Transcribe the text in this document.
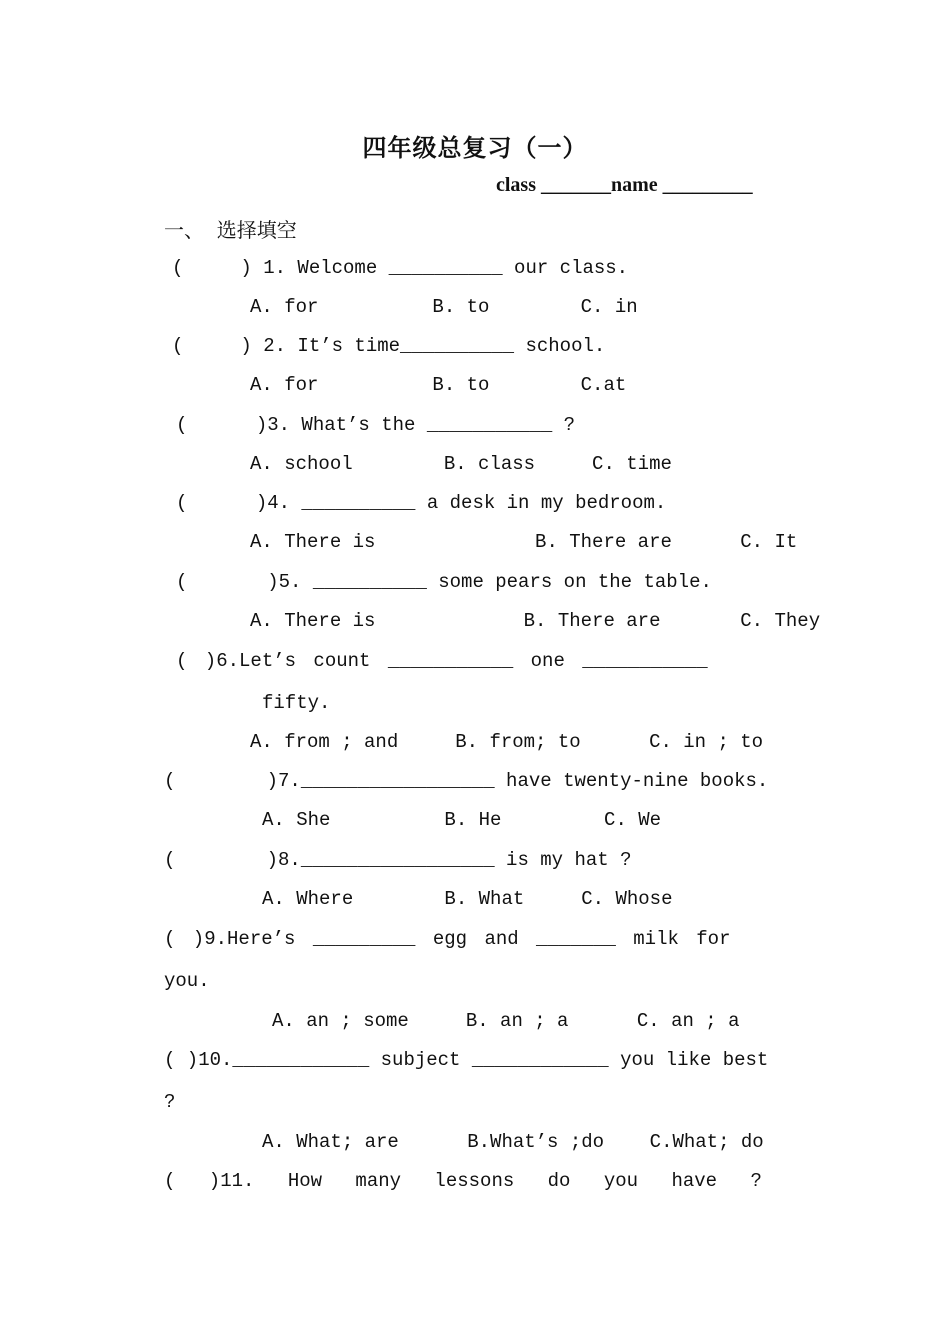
四年级总复习（一）
class _______name _________
一、  选择填空
(     ) 1. Welcome __________ our class.
A. for          B. to        C. in
(     ) 2. It’s time__________ school.
A. for          B. to        C.at
(      )3. What’s the ___________ ?
A. school        B. class     C. time
(      )4. __________ a desk in my bedroom.
A. There is              B. There are      C. It
(       )5. __________ some pears on the table.
A. There is             B. There are       C. They
( )6.Let’s count ___________ one ___________
fifty.
A. from ; and     B. from; to      C. in ; to
(        )7._________________ have twenty-nine books.
A. She          B. He         C. We
(        )8._________________ is my hat ?
A. Where        B. What     C. Whose
( )9.Here’s _________ egg and _______ milk for
you.
A. an ; some     B. an ; a      C. an ; a
( )10.____________ subject ____________ you like best
?
A. What; are      B.What’s ;do    C.What; do
( )11. How many lessons do you have ?
